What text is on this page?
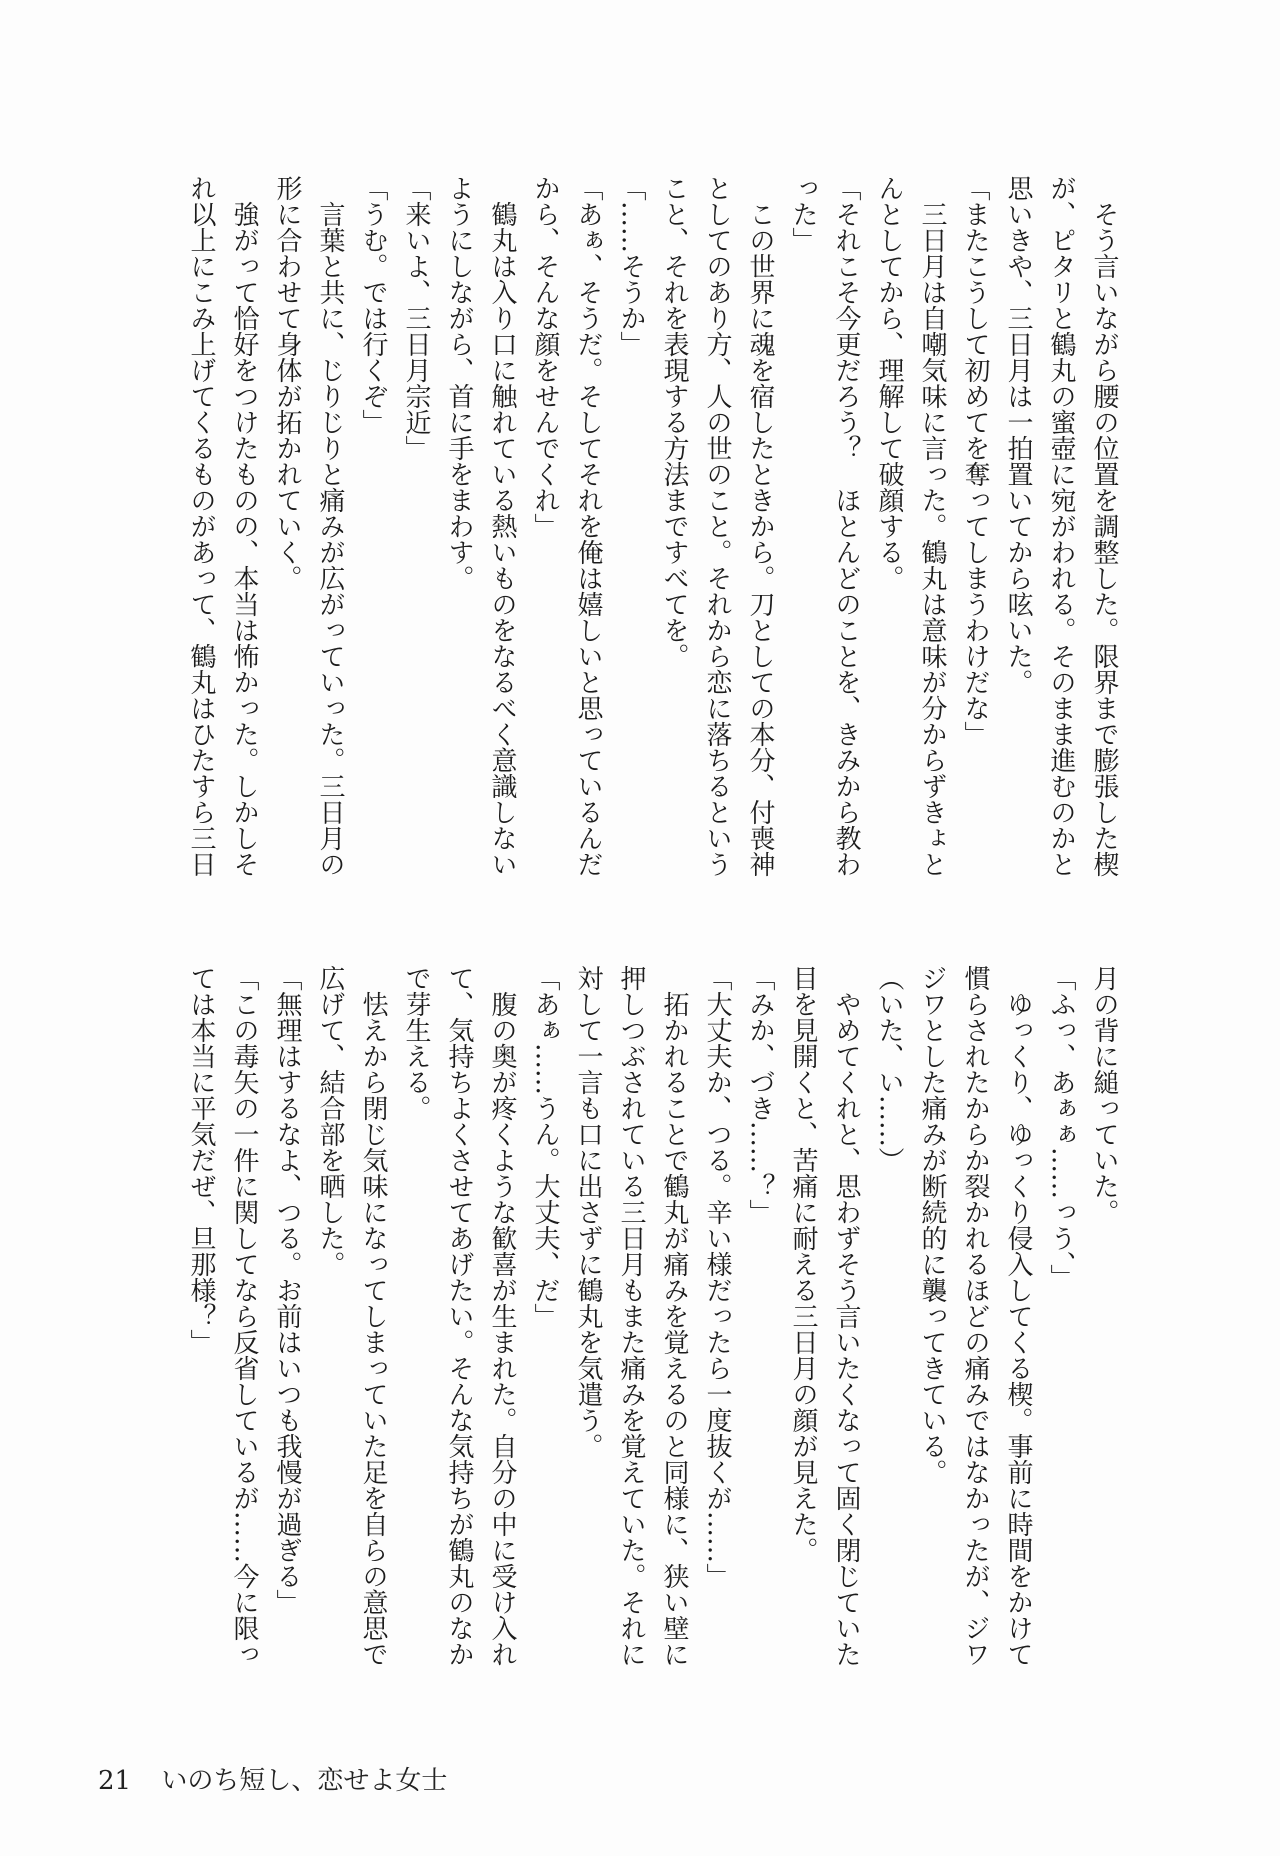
　そう言いながら腰の位置を調整した。限界まで膨張した楔
が、ピタリと鶴丸の蜜壺に宛がわれる。そのまま進むのかと
思いきや、三日月は一拍置いてから呟いた。
「またこうして初めてを奪ってしまうわけだな」
　三日月は自嘲気味に言った。鶴丸は意味が分からずきょと
んとしてから、理解して破顔する。
「それこそ今更だろう？　ほとんどのことを、きみから教わ
った」
　この世界に魂を宿したときから。刀としての本分、付喪神
としてのあり方、人の世のこと。それから恋に落ちるという
こと、それを表現する方法まですべてを。
「……そうか」
「あぁ、そうだ。そしてそれを俺は嬉しいと思っているんだ
から、そんな顔をせんでくれ」
　鶴丸は入り口に触れている熱いものをなるべく意識しない
ようにしながら、首に手をまわす。
「来いよ、三日月宗近」
「うむ。では行くぞ」
　言葉と共に、じりじりと痛みが広がっていった。三日月の
形に合わせて身体が拓かれていく。
　強がって恰好をつけたものの、本当は怖かった。しかしそ
れ以上にこみ上げてくるものがあって、鶴丸はひたすら三日
月の背に縋っていた。
「ふっ、あぁぁ……っう、」
　ゆっくり、ゆっくり侵入してくる楔。事前に時間をかけて
慣らされたからか裂かれるほどの痛みではなかったが、ジワ
ジワとした痛みが断続的に襲ってきている。
（いた、い……）
　やめてくれと、思わずそう言いたくなって固く閉じていた
目を見開くと、苦痛に耐える三日月の顔が見えた。
「みか、づき……？」
「大丈夫か、つる。辛い様だったら一度抜くが……」
　拓かれることで鶴丸が痛みを覚えるのと同様に、狭い壁に
押しつぶされている三日月もまた痛みを覚えていた。それに
対して一言も口に出さずに鶴丸を気遣う。
「あぁ……うん。大丈夫、だ」
　腹の奥が疼くような歓喜が生まれた。自分の中に受け入れ
て、気持ちよくさせてあげたい。そんな気持ちが鶴丸のなか
で芽生える。
　怯えから閉じ気味になってしまっていた足を自らの意思で
広げて、結合部を晒した。
「無理はするなよ、つる。お前はいつも我慢が過ぎる」
「この毒矢の一件に関してなら反省しているが……今に限っ
ては本当に平気だぜ、旦那様？」
21 いのち短し、恋せよ女士
